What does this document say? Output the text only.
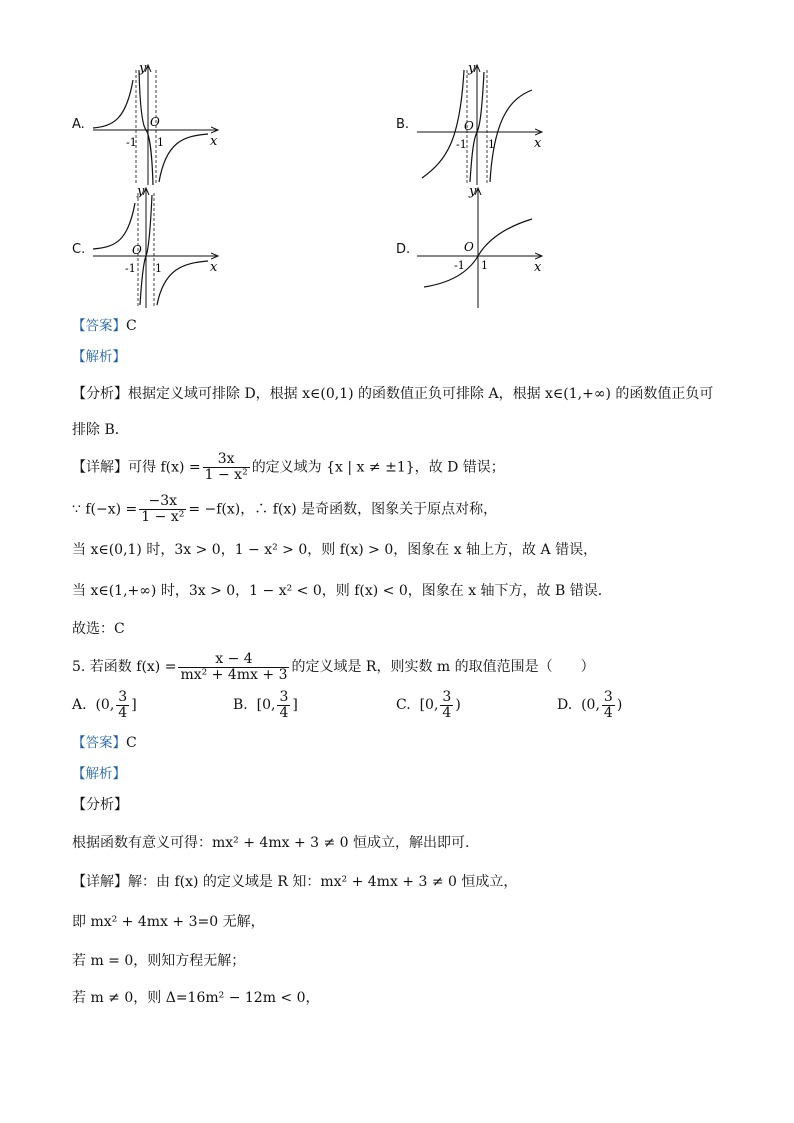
A.
y
x
O
-1 1
B.
y
x
O
-1 1
C.
y
x
O
-1 1
D.
y
x
O
-1 1
【答案】C
【解析】
【分析】根据定义域可排除 D，根据 x∈(0,1) 的函数值正负可排除 A，根据 x∈(1,+∞) 的函数值正负可
排除 B．
【详解】可得 $f(x) = \frac{3x}{\text{1 − x²}}$ 的定义域为 {x | x ≠ ±1}，故 D 错误；
∵ $f(-x) = \frac{-3x}{\text{1 − x²}} = -f(x)$，∴ f(x) 是奇函数，图象关于原点对称，
当 x∈(0,1) 时，3x > 0，1 − x² > 0，则 f(x) > 0，图象在 x 轴上方，故 A 错误，
当 x∈(1,+∞) 时，3x > 0，1 − x² < 0，则 f(x) < 0，图象在 x 轴下方，故 B 错误．
故选：C
5. 若函数 $f(x) = \frac{x - 4}{\text{mx² + 4mx + 3}}$ 的定义域是 R，则实数 m 的取值范围是（　　）
A. (0, $\frac{3}{4}$ ]	B. [0, $\frac{3}{4}$ ]	C. [0, $\frac{3}{4}$ )	D. (0, $\frac{3}{4}$ )
【答案】C
【解析】
【分析】
根据函数有意义可得：mx² + 4mx + 3 ≠ 0 恒成立，解出即可.
【详解】解：由 f(x) 的定义域是 R 知：mx² + 4mx + 3 ≠ 0 恒成立，
即 mx² + 4mx + 3=0 无解，
若 m = 0，则知方程无解；
若 m ≠ 0，则 Δ=16m² − 12m < 0，
